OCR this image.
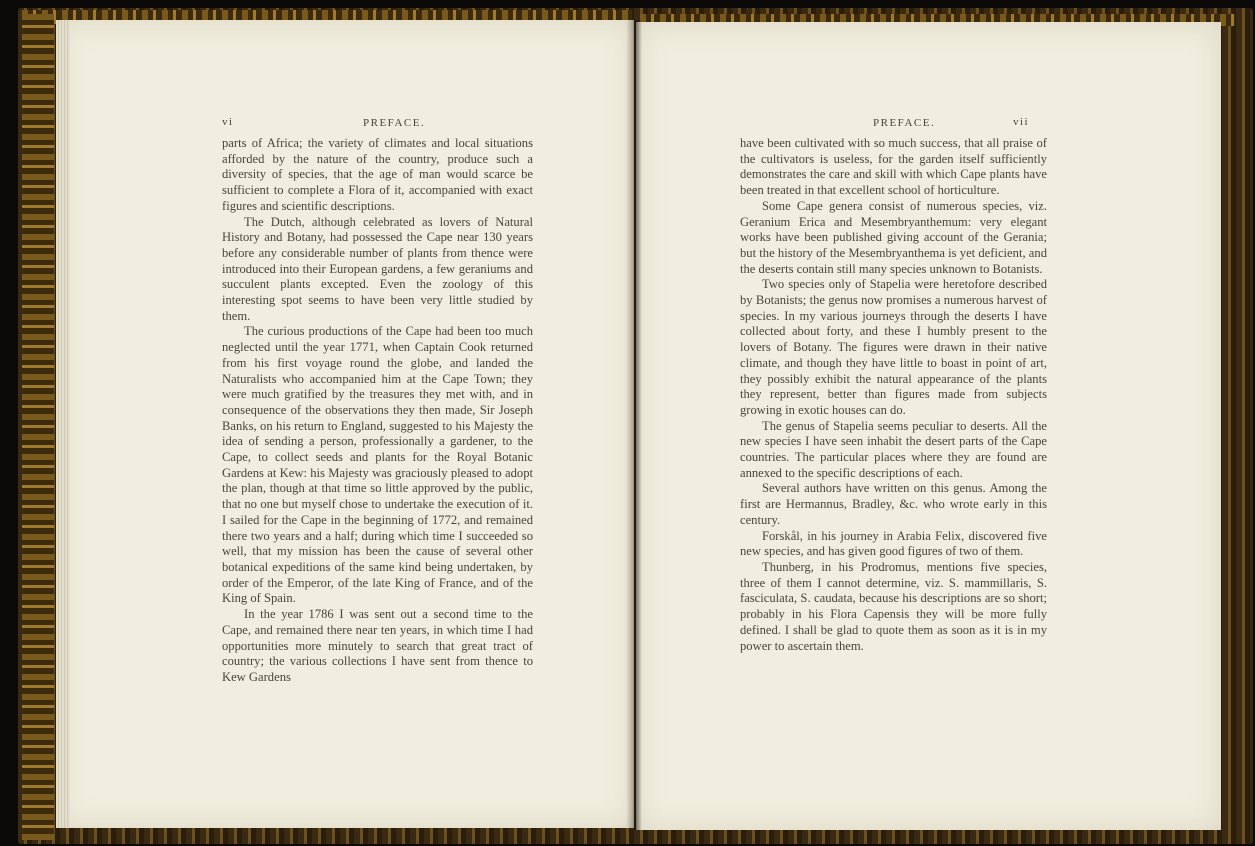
vi	PREFACE.

parts of Africa; the variety of climates and local situations afforded by the nature of the country, produce such a diversity of species, that the age of man would scarce be sufficient to complete a Flora of it, accompanied with exact figures and scientific descriptions.

The Dutch, although celebrated as lovers of Natural History and Botany, had possessed the Cape near 130 years before any considerable number of plants from thence were introduced into their European gardens, a few geraniums and succulent plants excepted. Even the zoology of this interesting spot seems to have been very little studied by them.

The curious productions of the Cape had been too much neglected until the year 1771, when Captain Cook returned from his first voyage round the globe, and landed the Naturalists who accompanied him at the Cape Town; they were much gratified by the treasures they met with, and in consequence of the observations they then made, Sir Joseph Banks, on his return to England, suggested to his Majesty the idea of sending a person, professionally a gardener, to the Cape, to collect seeds and plants for the Royal Botanic Gardens at Kew: his Majesty was graciously pleased to adopt the plan, though at that time so little approved by the public, that no one but myself chose to undertake the execution of it. I sailed for the Cape in the beginning of 1772, and remained there two years and a half; during which time I succeeded so well, that my mission has been the cause of several other botanical expeditions of the same kind being undertaken, by order of the Emperor, of the late King of France, and of the King of Spain.

In the year 1786 I was sent out a second time to the Cape, and remained there near ten years, in which time I had opportunities more minutely to search that great tract of country; the various collections I have sent from thence to Kew Gardens

PREFACE.	vii

have been cultivated with so much success, that all praise of the cultivators is useless, for the garden itself sufficiently demonstrates the care and skill with which Cape plants have been treated in that excellent school of horticulture.

Some Cape genera consist of numerous species, viz. Geranium Erica and Mesembryanthemum: very elegant works have been published giving account of the Gerania; but the history of the Mesembryanthema is yet deficient, and the deserts contain still many species unknown to Botanists.

Two species only of Stapelia were heretofore described by Botanists; the genus now promises a numerous harvest of species. In my various journeys through the deserts I have collected about forty, and these I humbly present to the lovers of Botany. The figures were drawn in their native climate, and though they have little to boast in point of art, they possibly exhibit the natural appearance of the plants they represent, better than figures made from subjects growing in exotic houses can do.

The genus of Stapelia seems peculiar to deserts. All the new species I have seen inhabit the desert parts of the Cape countries. The particular places where they are found are annexed to the specific descriptions of each.

Several authors have written on this genus. Among the first are Hermannus, Bradley, &c. who wrote early in this century.

Forskål, in his journey in Arabia Felix, discovered five new species, and has given good figures of two of them.

Thunberg, in his Prodromus, mentions five species, three of them I cannot determine, viz. S. mammillaris, S. fasciculata, S. caudata, because his descriptions are so short; probably in his Flora Capensis they will be more fully defined. I shall be glad to quote them as soon as it is in my power to ascertain them.
